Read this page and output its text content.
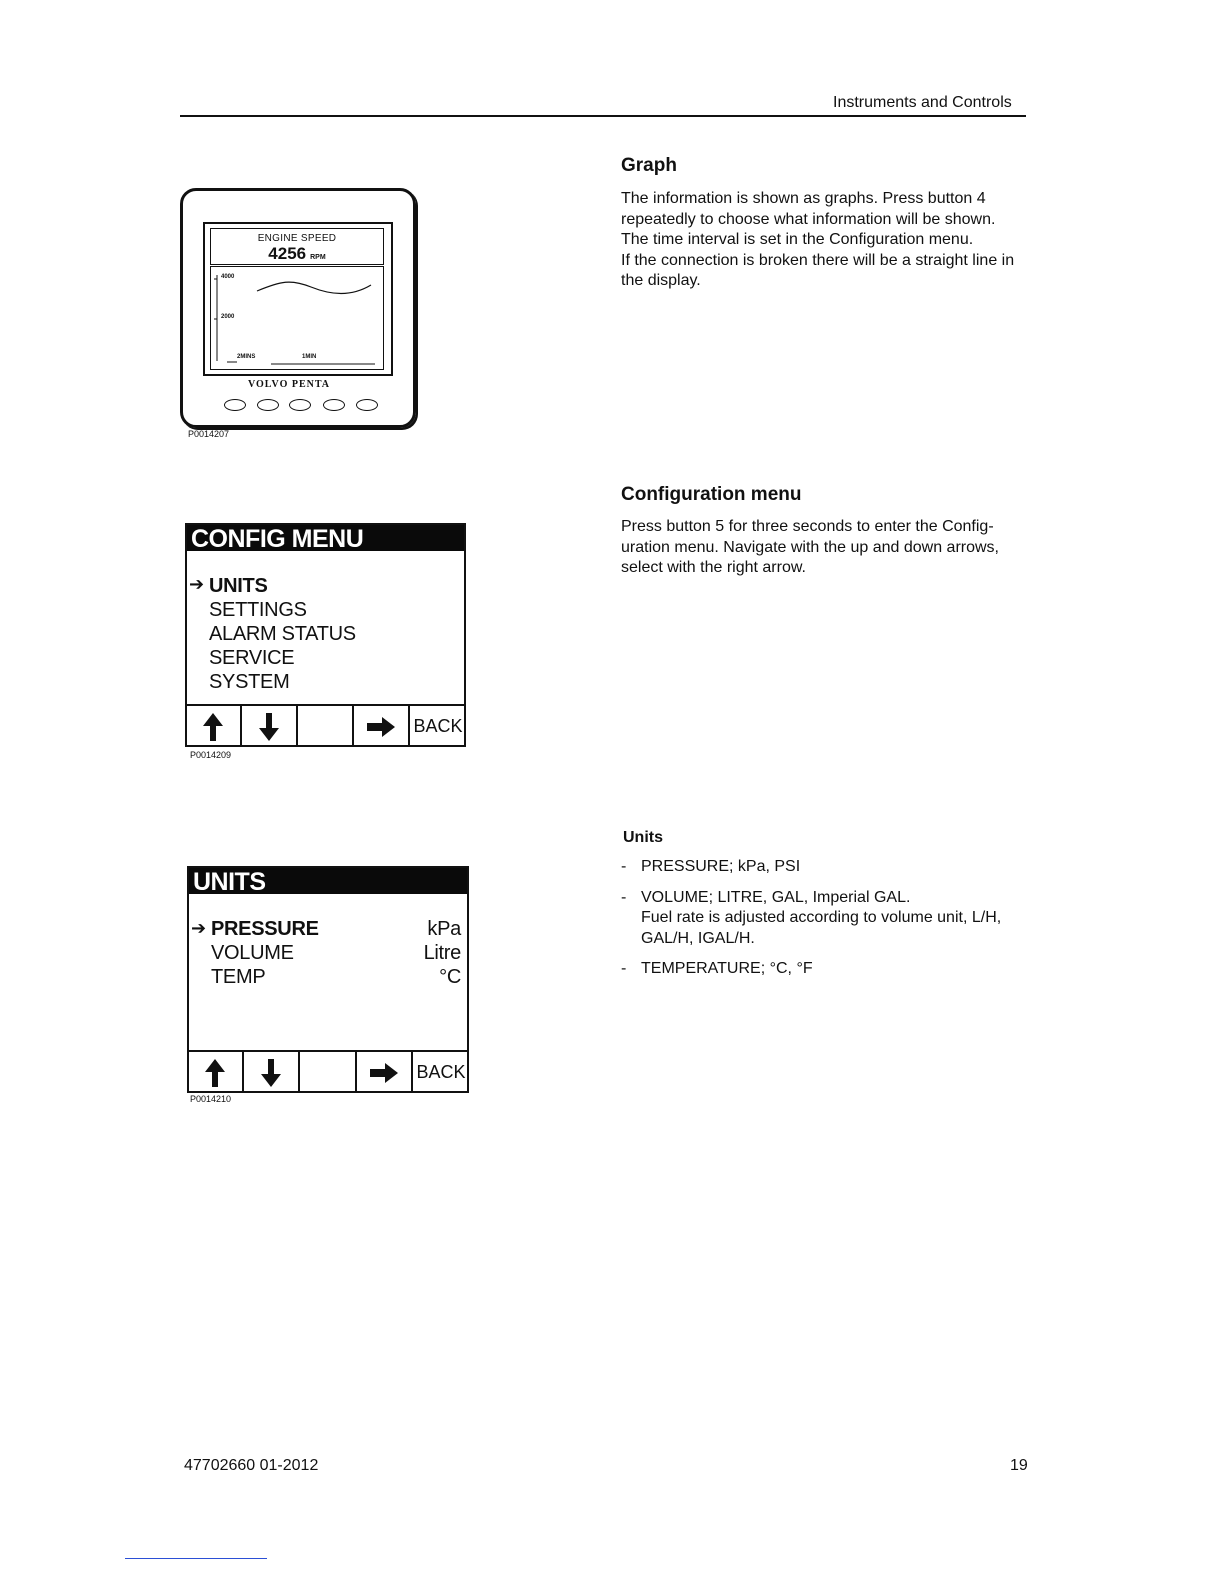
Instruments and Controls
Graph

The information is shown as graphs. Press button 4 repeatedly to choose what information will be shown.

The time interval is set in the Configuration menu.

If the connection is broken there will be a straight line in the display.

Configuration menu
Press button 5 for three seconds to enter the Config-uration menu. Navigate with the up and down arrows, select with the right arrow.
Units
- PRESSURE; kPa, PSI
- VOLUME; LITRE, GAL, Imperial GAL.
Fuel rate is adjusted according to volume unit, L/H, GAL/H, IGAL/H.
- TEMPERATURE; °C, °F
ENGINE SPEED
4256 RPM
4000
2000
2MINS	1MIN
VOLVO PENTA
P0014207
CONFIG MENU
➔ UNITS
SETTINGS
ALARM STATUS
SERVICE
SYSTEM
BACK
P0014209
UNITS
➔ PRESSURE	kPa
VOLUME	Litre
TEMP	°C
BACK
P0014210
47702660 01-2012	19
